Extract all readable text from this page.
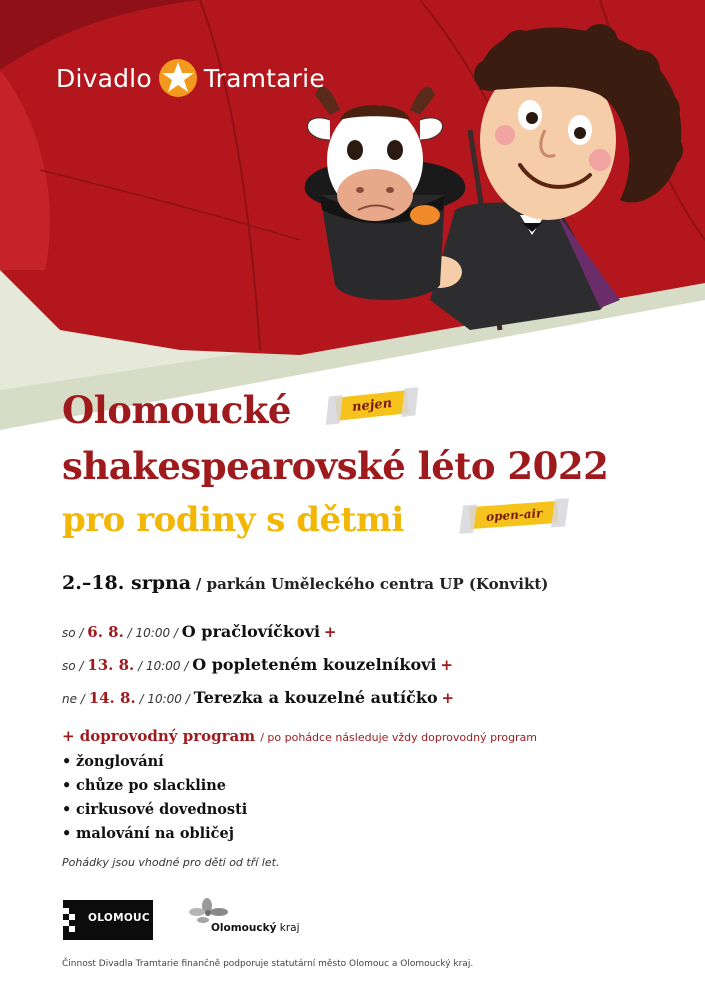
Divadlo Tramtarie
Olomoucké	nejen
shakespearovské léto 2022
pro rodiny s dětmi	open-air
2.–18. srpna / parkán Uměleckého centra UP (Konvikt)
so / 6. 8. / 10:00 / O pračlovíčkovi +
so / 13. 8. / 10:00 / O popleteném kouzelníkovi +
ne / 14. 8. / 10:00 / Terezka a kouzelné autíčko +
+ doprovodný program / po pohádce následuje vždy doprovodný program
• žonglování
• chůze po slackline
• cirkusové dovednosti
• malování na obličej
Pohádky jsou vhodné pro děti od tří let.
OLOMOUC
Olomoucký kraj
Činnost Divadla Tramtarie finančně podporuje statutární město Olomouc a Olomoucký kraj.
